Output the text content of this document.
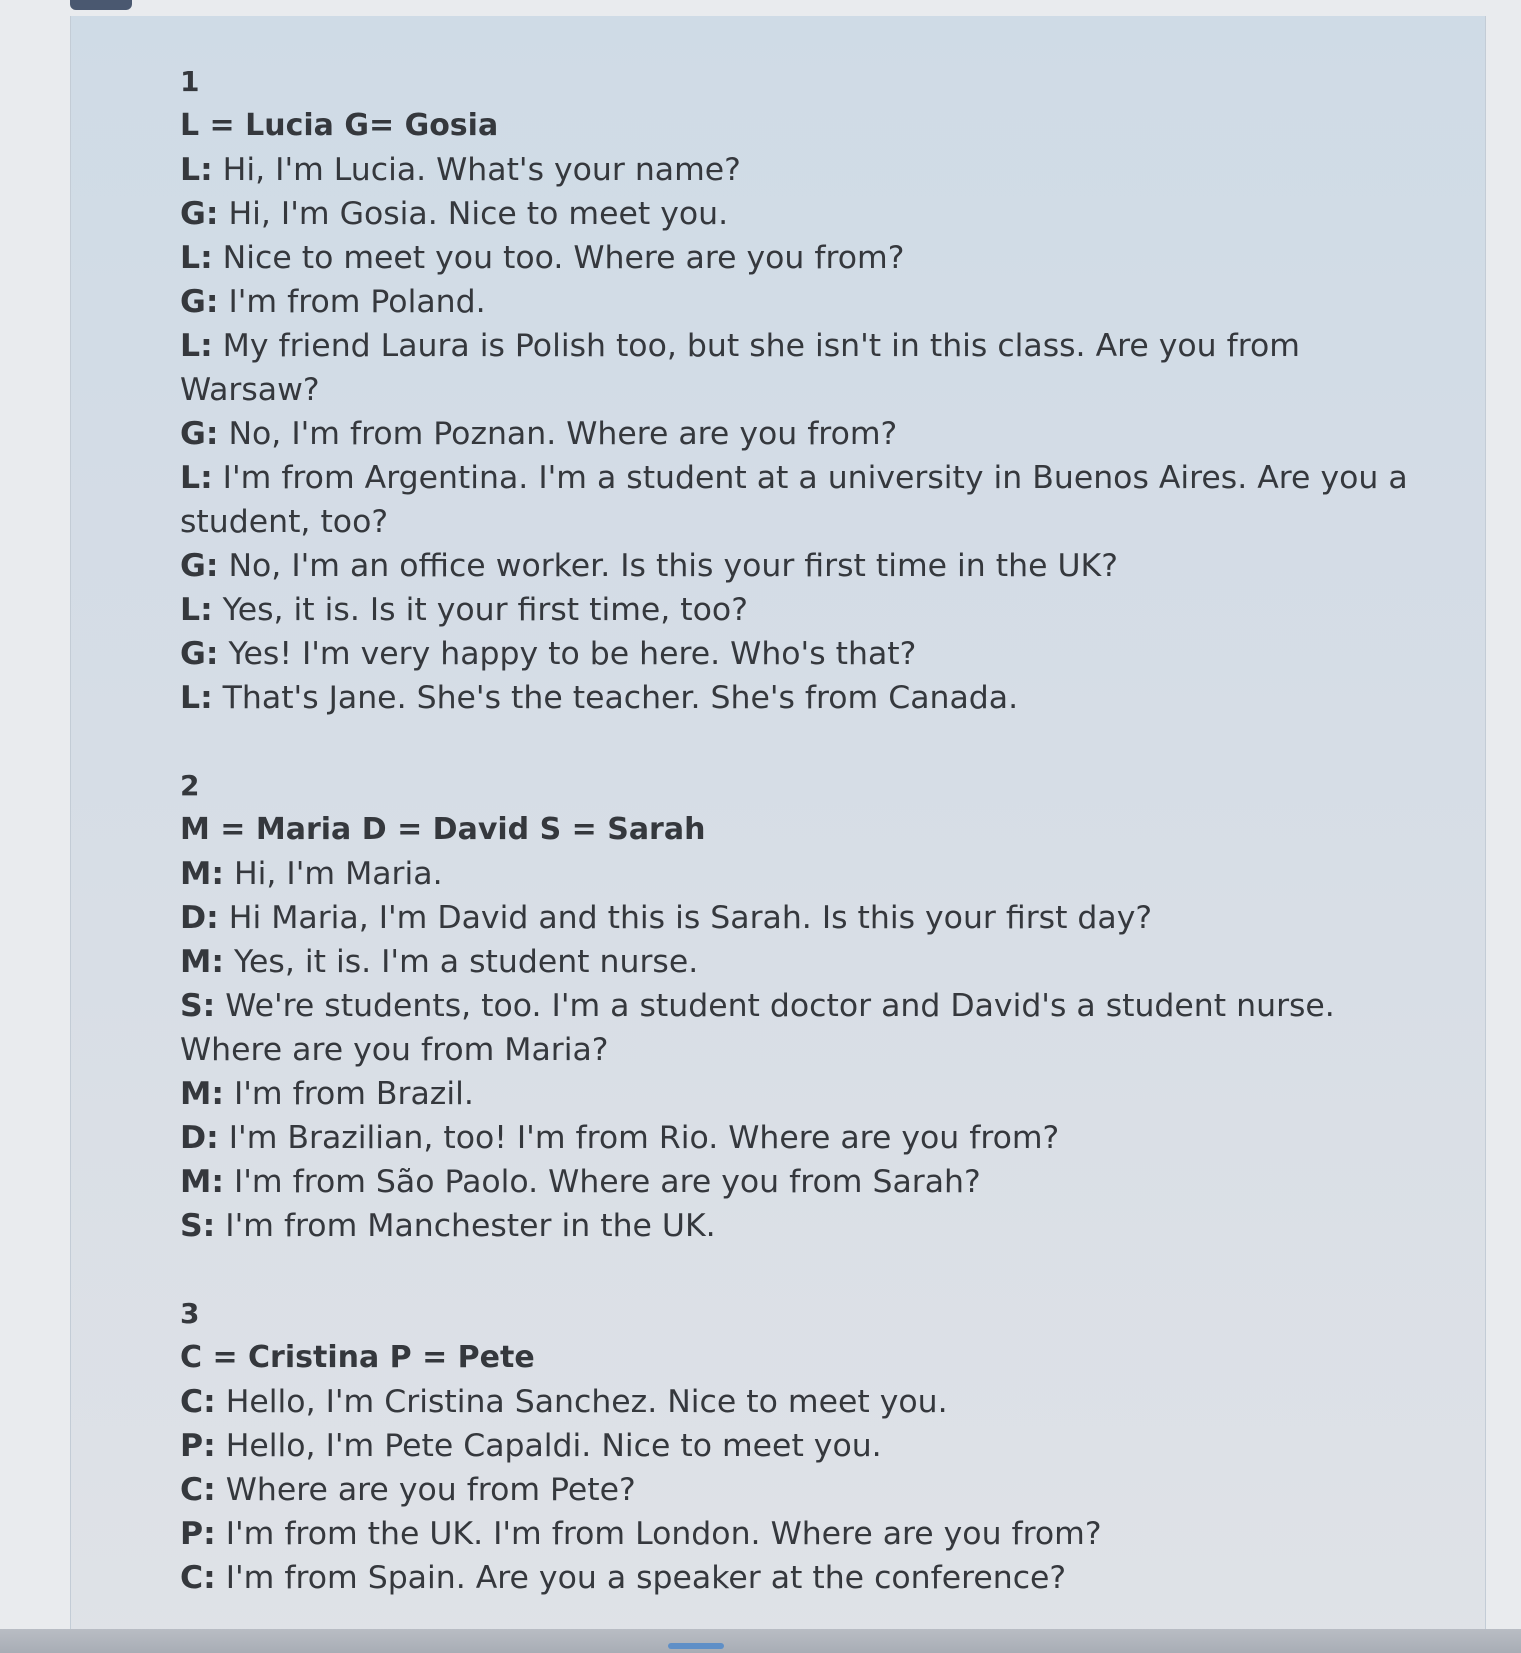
1
L = Lucia G= Gosia
L: Hi, I'm Lucia. What's your name?
G: Hi, I'm Gosia. Nice to meet you.
L: Nice to meet you too. Where are you from?
G: I'm from Poland.
L: My friend Laura is Polish too, but she isn't in this class. Are you from Warsaw?
G: No, I'm from Poznan. Where are you from?
L: I'm from Argentina. I'm a student at a university in Buenos Aires. Are you a student, too?
G: No, I'm an office worker. Is this your first time in the UK?
L: Yes, it is. Is it your first time, too?
G: Yes! I'm very happy to be here. Who's that?
L: That's Jane. She's the teacher. She's from Canada.
2
M = Maria D = David S = Sarah
M: Hi, I'm Maria.
D: Hi Maria, I'm David and this is Sarah. Is this your first day?
M: Yes, it is. I'm a student nurse.
S: We're students, too. I'm a student doctor and David's a student nurse. Where are you from Maria?
M: I'm from Brazil.
D: I'm Brazilian, too! I'm from Rio. Where are you from?
M: I'm from São Paolo. Where are you from Sarah?
S: I'm from Manchester in the UK.
3
C = Cristina P = Pete
C: Hello, I'm Cristina Sanchez. Nice to meet you.
P: Hello, I'm Pete Capaldi. Nice to meet you.
C: Where are you from Pete?
P: I'm from the UK. I'm from London. Where are you from?
C: I'm from Spain. Are you a speaker at the conference?
